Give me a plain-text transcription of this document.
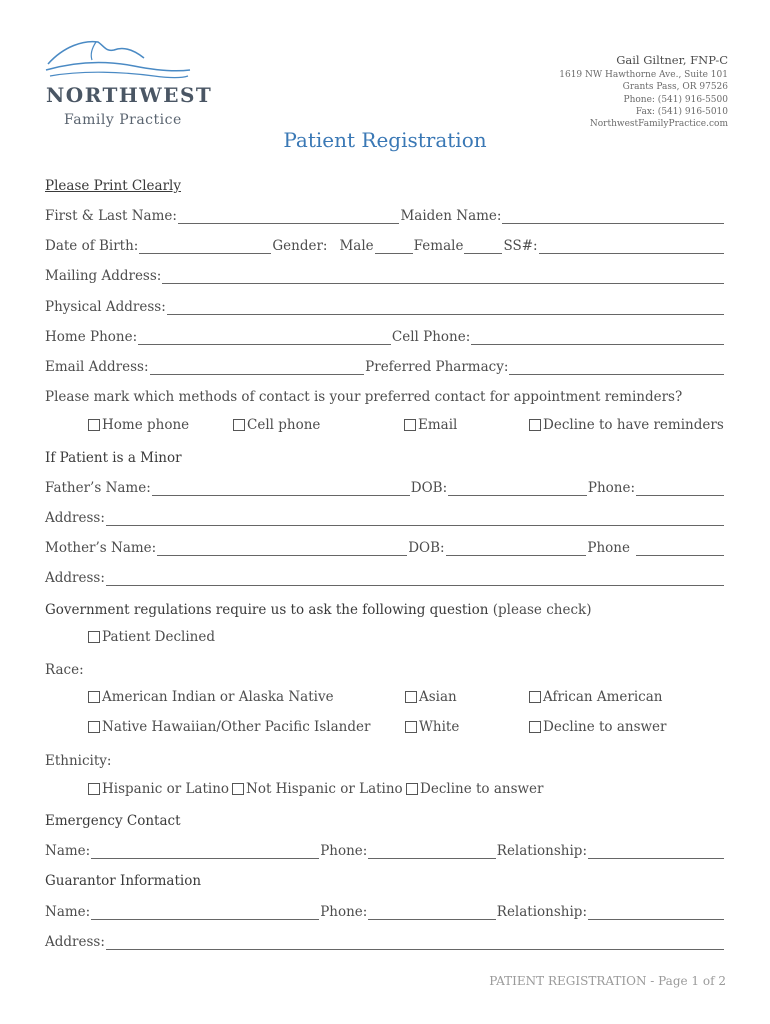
NORTHWEST
Family Practice
Gail Giltner, FNP-C
1619 NW Hawthorne Ave., Suite 101
Grants Pass, OR 97526
Phone: (541) 916-5500
Fax: (541) 916-5010
NorthwestFamilyPractice.com
Patient Registration
Please Print Clearly
First & Last Name:	Maiden Name:
Date of Birth:	Gender: Male	Female	SS#:
Mailing Address:
Physical Address:
Home Phone:	Cell Phone:
Email Address:	Preferred Pharmacy:
Please mark which methods of contact is your preferred contact for appointment reminders?
Home phone	Cell phone	Email	Decline to have reminders
If Patient is a Minor
Father’s Name:	DOB:	Phone:
Address:
Mother’s Name:	DOB:	Phone
Address:
Government regulations require us to ask the following question (please check)
Patient Declined
Race:
American Indian or Alaska Native	Asian	African American
Native Hawaiian/Other Pacific Islander	White	Decline to answer
Ethnicity:
Hispanic or Latino Not Hispanic or Latino Decline to answer
Emergency Contact
Name:	Phone:	Relationship:
Guarantor Information
Name:	Phone:	Relationship:
Address:
PATIENT REGISTRATION - Page 1 of 2
